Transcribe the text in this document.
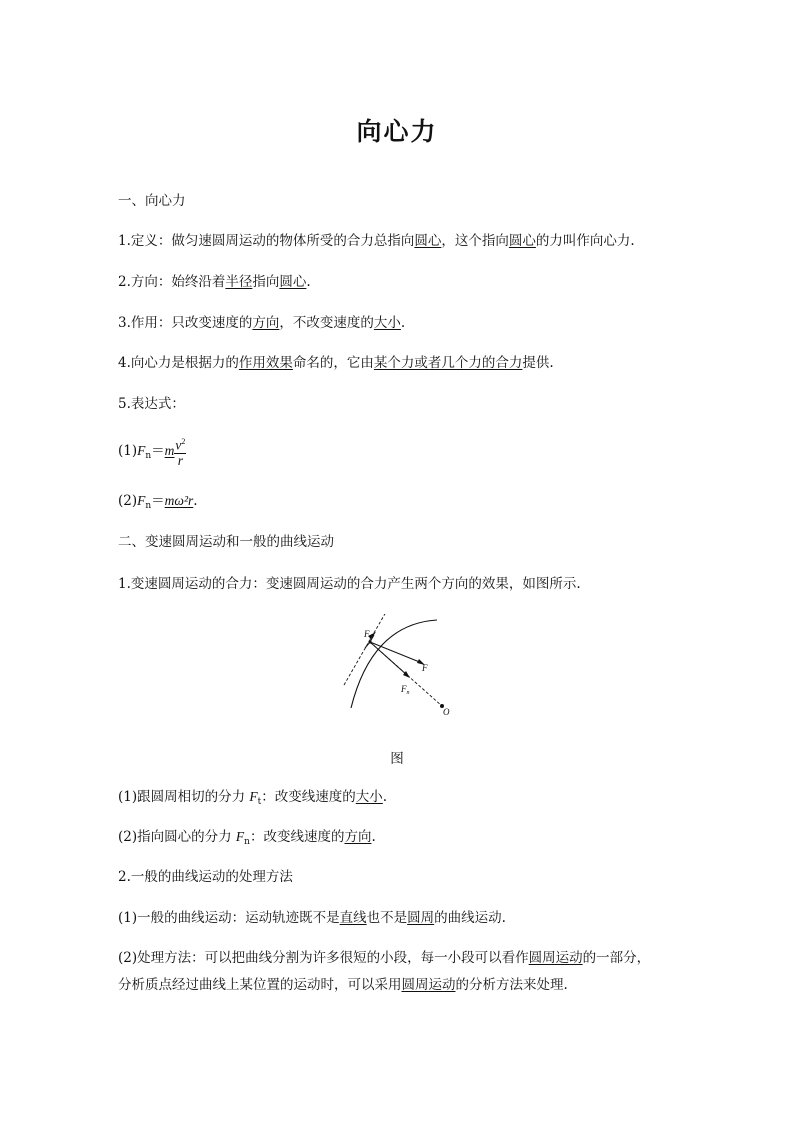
向心力
一、向心力
1.定义：做匀速圆周运动的物体所受的合力总指向圆心，这个指向圆心的力叫作向心力.
2.方向：始终沿着半径指向圆心.
3.作用：只改变速度的方向，不改变速度的大小.
4.向心力是根据力的作用效果命名的，它由某个力或者几个力的合力提供.
5.表达式：
$(1)F_n=m \frac{v^2}{r}$
$(2)F_n=m\omega^2r$.
二、变速圆周运动和一般的曲线运动
1.变速圆周运动的合力：变速圆周运动的合力产生两个方向的效果，如图所示.
$F_t$
F
$F_n$
O
图
(1)跟圆周相切的分力 $F_t$：改变线速度的大小.
(2)指向圆心的分力 $F_n$：改变线速度的方向.
2.一般的曲线运动的处理方法
(1)一般的曲线运动：运动轨迹既不是直线也不是圆周的曲线运动.
(2)处理方法：可以把曲线分割为许多很短的小段，每一小段可以看作圆周运动的一部分，
分析质点经过曲线上某位置的运动时，可以采用圆周运动的分析方法来处理.
